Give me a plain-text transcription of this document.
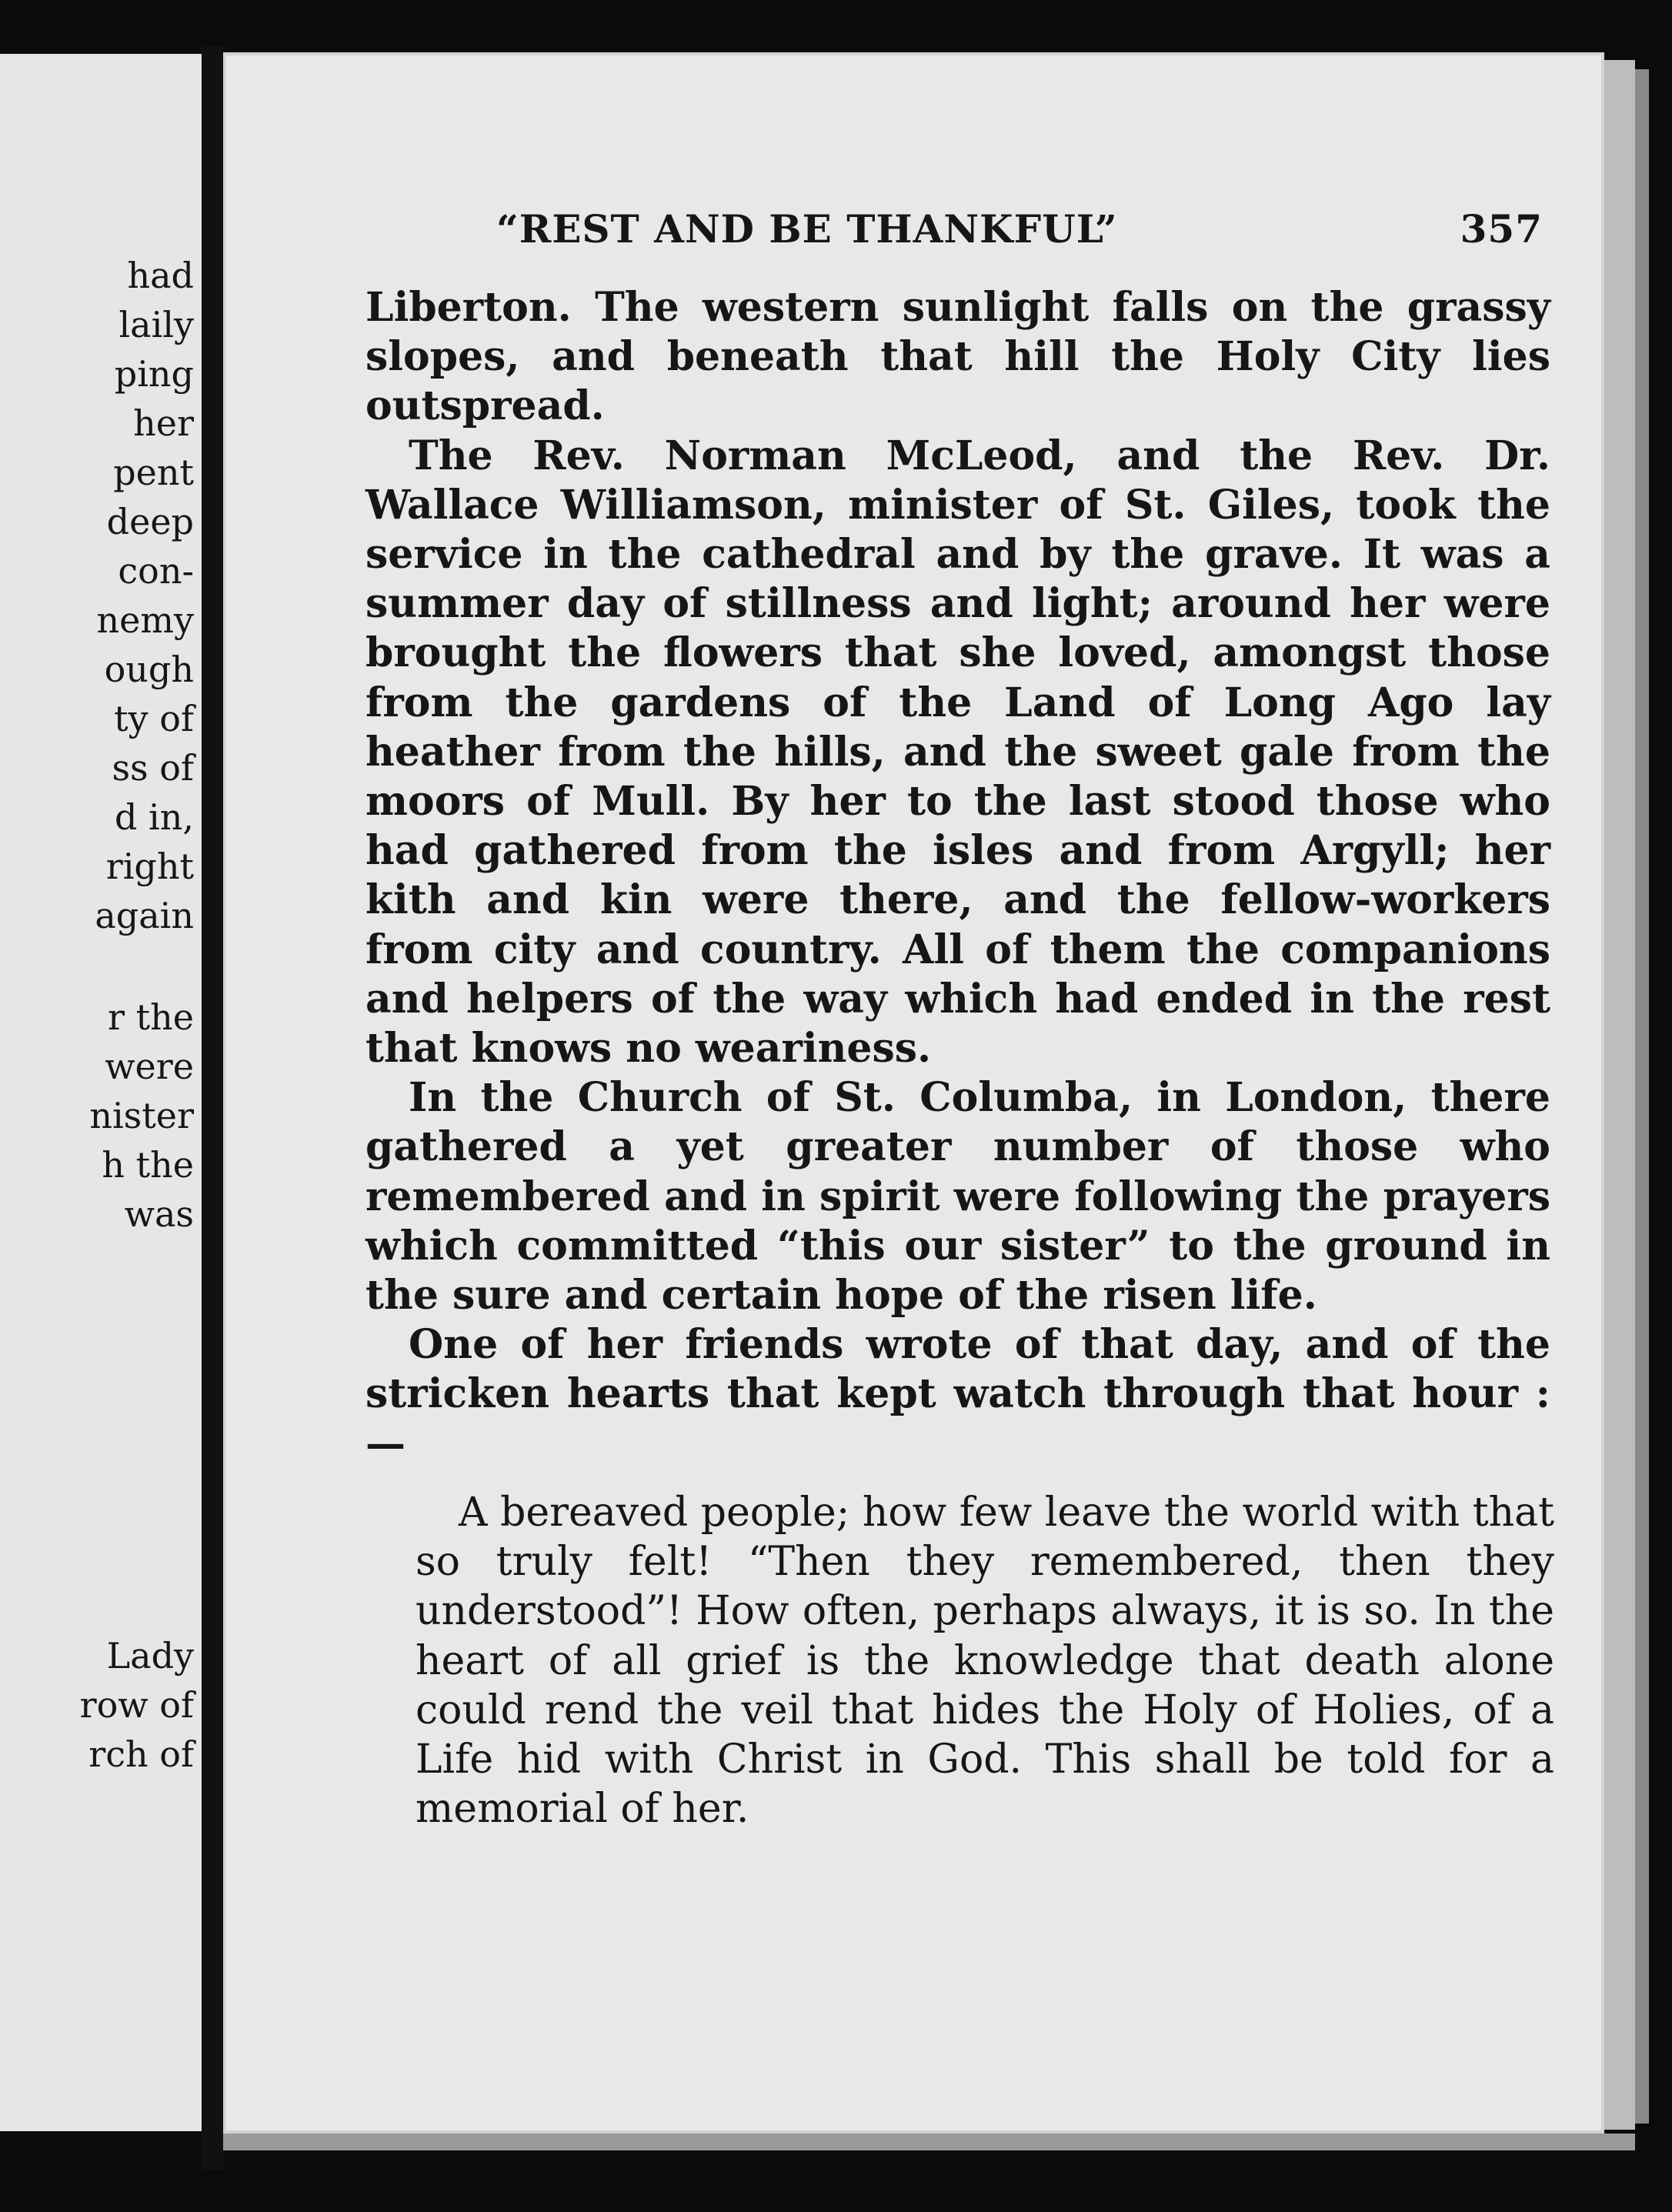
had
laily
ping
her
pent
deep
con-
nemy
ough
ty of
ss of
d in,
right
again
r the
were
nister
h the
was
Lady
row of
rch of
“REST AND BE THANKFUL”	357

Liberton. The western sunlight falls on the grassy slopes, and beneath that hill the Holy City lies outspread.

The Rev. Norman McLeod, and the Rev. Dr. Wallace Williamson, minister of St. Giles, took the service in the cathedral and by the grave. It was a summer day of stillness and light; around her were brought the flowers that she loved, amongst those from the gardens of the Land of Long Ago lay heather from the hills, and the sweet gale from the moors of Mull. By her to the last stood those who had gathered from the isles and from Argyll; her kith and kin were there, and the fellow-workers from city and country. All of them the companions and helpers of the way which had ended in the rest that knows no weariness.

In the Church of St. Columba, in London, there gathered a yet greater number of those who remembered and in spirit were following the prayers which committed “this our sister” to the ground in the sure and certain hope of the risen life.

One of her friends wrote of that day, and of the stricken hearts that kept watch through that hour :—

A bereaved people; how few leave the world with that so truly felt! “Then they remembered, then they understood”! How often, perhaps always, it is so. In the heart of all grief is the knowledge that death alone could rend the veil that hides the Holy of Holies, of a Life hid with Christ in God. This shall be told for a memorial of her.
